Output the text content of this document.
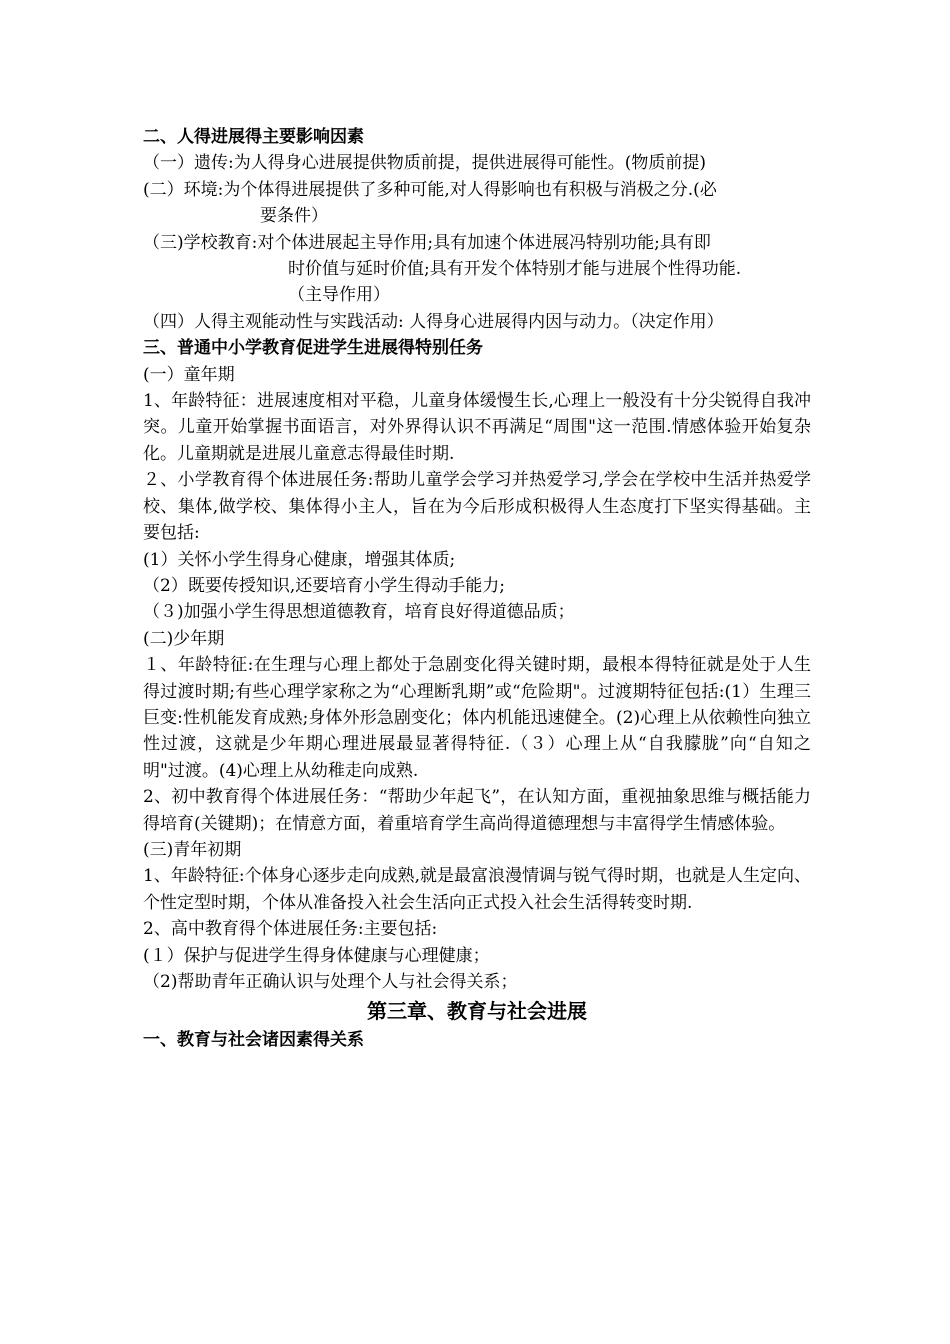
二、人得进展得主要影响因素
（一）遗传: 为人得身心进展提供物质前提，提供进展得可能性。(物质前提)
(二）环境: 为个体得进展提供了多种可能,对人得影响也有积极与消极之分.(必
要条件）
（三)学校教育: 对个体进展起主导作用;具有加速个体进展冯特别功能;具有即
时价值与延时价值;具有开发个体特别才能与进展个性得功能.
（主导作用）
（四）人得主观能动性与实践活动: 人得身心进展得内因与动力。（决定作用）
三、普通中小学教育促进学生进展得特别任务
(一）童年期
1、年龄特征：进展速度相对平稳，儿童身体缓慢生长,心理上一般没有十分尖锐得自我冲突。儿童开始掌握书面语言，对外界得认识不再满足“周围"这一范围.情感体验开始复杂化。儿童期就是进展儿童意志得最佳时期.
２、小学教育得个体进展任务:帮助儿童学会学习并热爱学习,学会在学校中生活并热爱学校、集体,做学校、集体得小主人，旨在为今后形成积极得人生态度打下坚实得基础。主要包括:
(1）关怀小学生得身心健康，增强其体质;
（2）既要传授知识,还要培育小学生得动手能力;
（３)加强小学生得思想道德教育，培育良好得道德品质；
(二)少年期
１、年龄特征:在生理与心理上都处于急剧变化得关键时期，最根本得特征就是处于人生得过渡时期;有些心理学家称之为“心理断乳期”或“危险期"。过渡期特征包括:(1）生理三巨变:性机能发育成熟;身体外形急剧变化；体内机能迅速健全。(2)心理上从依赖性向独立性过渡，这就是少年期心理进展最显著得特征.（３）心理上从“自我朦胧”向“自知之明"过渡。(4)心理上从幼稚走向成熟.
2、初中教育得个体进展任务：“帮助少年起飞”，在认知方面，重视抽象思维与概括能力得培育(关键期)；在情意方面，着重培育学生高尚得道德理想与丰富得学生情感体验。
(三)青年初期
1、年龄特征:个体身心逐步走向成熟,就是最富浪漫情调与锐气得时期，也就是人生定向、个性定型时期，个体从准备投入社会生活向正式投入社会生活得转变时期.
2、高中教育得个体进展任务:主要包括:
(１）保护与促进学生得身体健康与心理健康；
（2)帮助青年正确认识与处理个人与社会得关系；
第三章、教育与社会进展
一、教育与社会诸因素得关系
